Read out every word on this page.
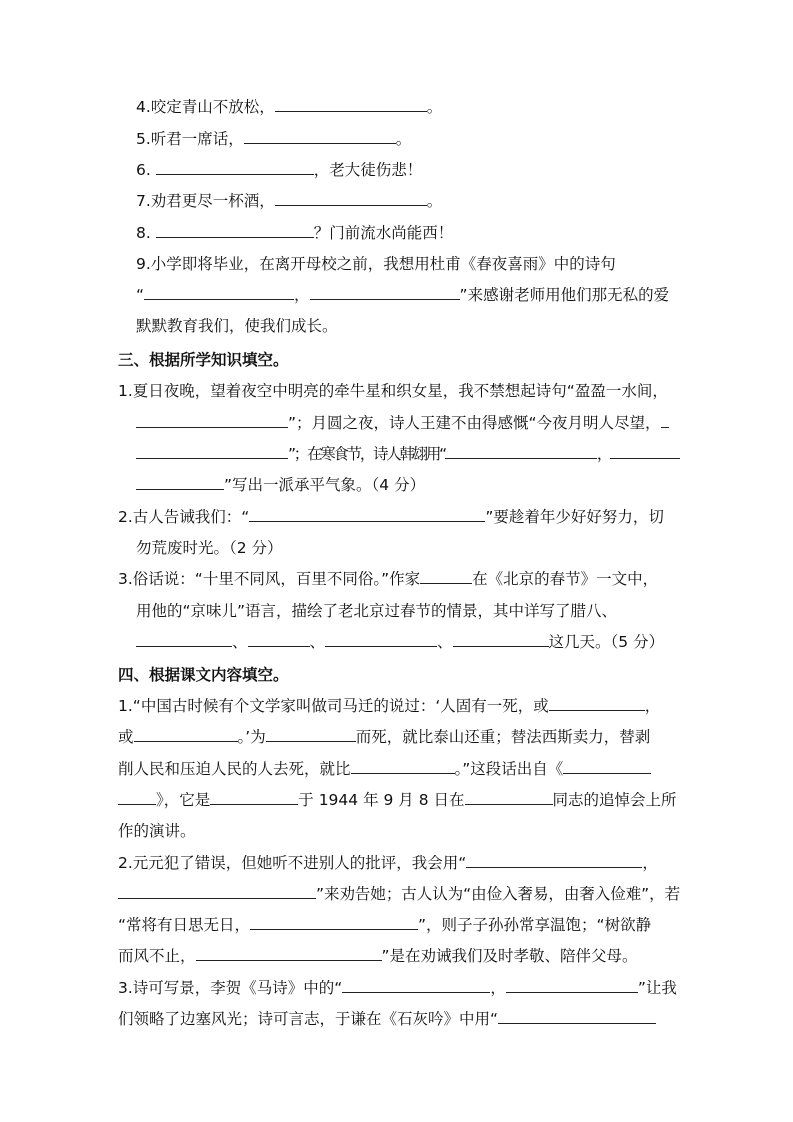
4.咬定青山不放松，	。
5.听君一席话，	。
6.	，老大徒伤悲！
7.劝君更尽一杯酒，	。
8.	？门前流水尚能西！
9.小学即将毕业，在离开母校之前，我想用杜甫《春夜喜雨》中的诗句
“	，	”来感谢老师用他们那无私的爱
默默教育我们，使我们成长。
三、根据所学知识填空。
1.夏日夜晚，望着夜空中明亮的牵牛星和织女星，我不禁想起诗句“盈盈一水间，
”；月圆之夜，诗人王建不由得感慨“今夜月明人尽望，
”；在寒食节，诗人韩翃用“	，
”写出一派承平气象。（4 分）
2.古人告诫我们：“	”要趁着年少好好努力，切
勿荒废时光。（2 分）
3.俗话说：“十里不同风，百里不同俗。”作家	在《北京的春节》一文中，
用他的“京味儿”语言，描绘了老北京过春节的情景，其中详写了腊八、
、	、	、	这几天。（5 分）
四、根据课文内容填空。
1.“中国古时候有个文学家叫做司马迁的说过：‘人固有一死，或	，
或	。’为	而死，就比泰山还重；替法西斯卖力，替剥
削人民和压迫人民的人去死，就比	。”这段话出自《
》，它是	于 1944 年 9 月 8 日在	同志的追悼会上所
作的演讲。
2.元元犯了错误，但她听不进别人的批评，我会用“	，
”来劝告她；古人认为“由俭入奢易，由奢入俭难”，若
“常将有日思无日，	”，则子子孙孙常享温饱；“树欲静
而风不止，	”是在劝诫我们及时孝敬、陪伴父母。
3.诗可写景，李贺《马诗》中的“	，	”让我
们领略了边塞风光；诗可言志，于谦在《石灰吟》中用“
